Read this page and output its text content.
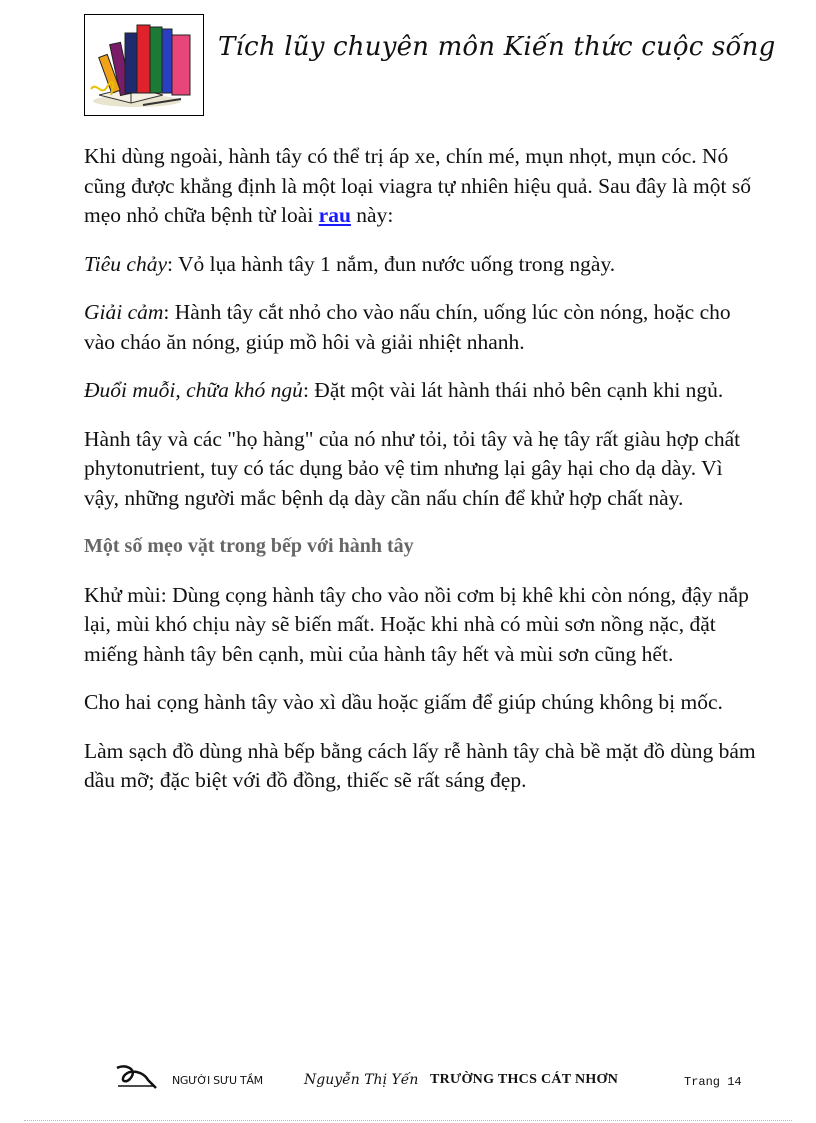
Tích lũy chuyên môn Kiến thức cuộc sống

Khi dùng ngoài, hành tây có thể trị áp xe, chín mé, mụn nhọt, mụn cóc. Nó cũng được khẳng định là một loại viagra tự nhiên hiệu quả. Sau đây là một số mẹo nhỏ chữa bệnh từ loài rau này:

Tiêu chảy: Vỏ lụa hành tây 1 nắm, đun nước uống trong ngày.

Giải cảm: Hành tây cắt nhỏ cho vào nấu chín, uống lúc còn nóng, hoặc cho vào cháo ăn nóng, giúp mồ hôi và giải nhiệt nhanh.

Đuổi muỗi, chữa khó ngủ: Đặt một vài lát hành thái nhỏ bên cạnh khi ngủ.

Hành tây và các "họ hàng" của nó như tỏi, tỏi tây và hẹ tây rất giàu hợp chất phytonutrient, tuy có tác dụng bảo vệ tim nhưng lại gây hại cho dạ dày. Vì vậy, những người mắc bệnh dạ dày cần nấu chín để khử hợp chất này.

Một số mẹo vặt trong bếp với hành tây

Khử mùi: Dùng cọng hành tây cho vào nồi cơm bị khê khi còn nóng, đậy nắp lại, mùi khó chịu này sẽ biến mất. Hoặc khi nhà có mùi sơn nồng nặc, đặt miếng hành tây bên cạnh, mùi của hành tây hết và mùi sơn cũng hết.

Cho hai cọng hành tây vào xì dầu hoặc giấm để giúp chúng không bị mốc.

Làm sạch đồ dùng nhà bếp bằng cách lấy rễ hành tây chà bề mặt đồ dùng bám dầu mỡ; đặc biệt với đồ đồng, thiếc sẽ rất sáng đẹp.

NGƯỜI SƯU TẦM	Nguyễn Thị Yến TRƯỜNG THCS CÁT NHƠN	Trang 14
